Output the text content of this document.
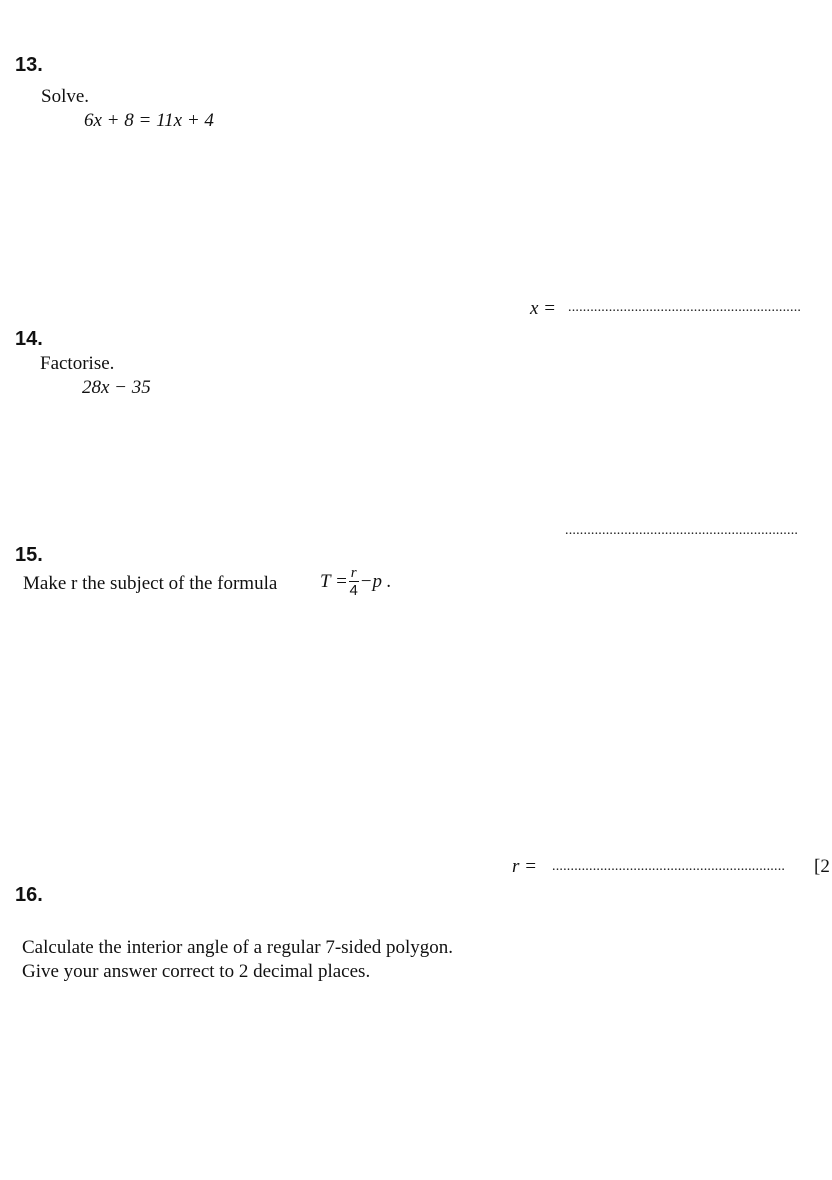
13.
Solve.
6x + 8 = 11x + 4
x = ...............................................................
14.
Factorise.
28x − 35
...............................................................
15.
Make r the subject of the formula $T = \frac{r}{4} -p$ .
r = ...............................................................	[2
16.
Calculate the interior angle of a regular 7-sided polygon.
Give your answer correct to 2 decimal places.
